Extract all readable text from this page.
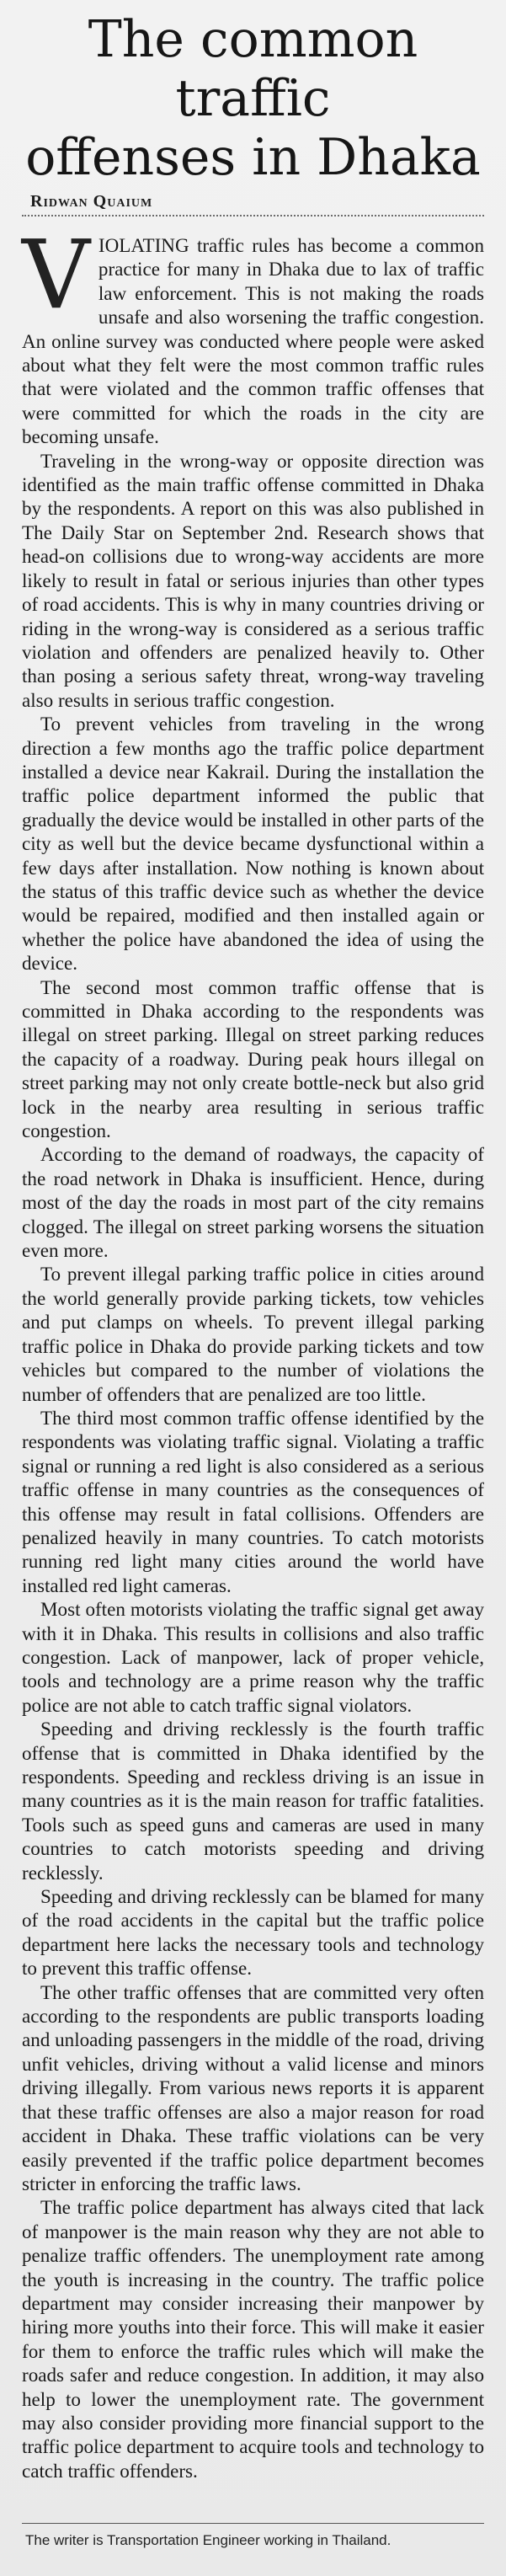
The common traffic
offenses in Dhaka
Ridwan Quaium

VIOLATING traffic rules has become a common practice for many in Dhaka due to lax of traffic law enforcement. This is not making the roads unsafe and also worsening the traffic congestion. An online survey was conducted where people were asked about what they felt were the most common traffic rules that were violated and the common traffic offenses that were committed for which the roads in the city are becoming unsafe.

Traveling in the wrong-way or opposite direction was identified as the main traffic offense committed in Dhaka by the respondents. A report on this was also published in The Daily Star on September 2nd. Research shows that head-on collisions due to wrong-way accidents are more likely to result in fatal or serious injuries than other types of road accidents. This is why in many countries driving or riding in the wrong-way is considered as a serious traffic violation and offenders are penalized heavily to. Other than posing a serious safety threat, wrong-way traveling also results in serious traffic congestion.

To prevent vehicles from traveling in the wrong direction a few months ago the traffic police department installed a device near Kakrail. During the installation the traffic police department informed the public that gradually the device would be installed in other parts of the city as well but the device became dysfunctional within a few days after installation. Now nothing is known about the status of this traffic device such as whether the device would be repaired, modified and then installed again or whether the police have abandoned the idea of using the device.

The second most common traffic offense that is committed in Dhaka according to the respondents was illegal on street parking. Illegal on street parking reduces the capacity of a roadway. During peak hours illegal on street parking may not only create bottle-neck but also grid lock in the nearby area resulting in serious traffic congestion.

According to the demand of roadways, the capacity of the road network in Dhaka is insufficient. Hence, during most of the day the roads in most part of the city remains clogged. The illegal on street parking worsens the situation even more.

To prevent illegal parking traffic police in cities around the world generally provide parking tickets, tow vehicles and put clamps on wheels. To prevent illegal parking traffic police in Dhaka do provide parking tickets and tow vehicles but compared to the number of violations the number of offenders that are penalized are too little.

The third most common traffic offense identified by the respondents was violating traffic signal. Violating a traffic signal or running a red light is also considered as a serious traffic offense in many countries as the consequences of this offense may result in fatal collisions. Offenders are penalized heavily in many countries. To catch motorists running red light many cities around the world have installed red light cameras.

Most often motorists violating the traffic signal get away with it in Dhaka. This results in collisions and also traffic congestion. Lack of manpower, lack of proper vehicle, tools and technology are a prime reason why the traffic police are not able to catch traffic signal violators.

Speeding and driving recklessly is the fourth traffic offense that is committed in Dhaka identified by the respondents. Speeding and reckless driving is an issue in many countries as it is the main reason for traffic fatalities. Tools such as speed guns and cameras are used in many countries to catch motorists speeding and driving recklessly.

Speeding and driving recklessly can be blamed for many of the road accidents in the capital but the traffic police department here lacks the necessary tools and technology to prevent this traffic offense.

The other traffic offenses that are committed very often according to the respondents are public transports loading and unloading passengers in the middle of the road, driving unfit vehicles, driving without a valid license and minors driving illegally. From various news reports it is apparent that these traffic offenses are also a major reason for road accident in Dhaka. These traffic violations can be very easily prevented if the traffic police department becomes stricter in enforcing the traffic laws.

The traffic police department has always cited that lack of manpower is the main reason why they are not able to penalize traffic offenders. The unemployment rate among the youth is increasing in the country. The traffic police department may consider increasing their manpower by hiring more youths into their force. This will make it easier for them to enforce the traffic rules which will make the roads safer and reduce congestion. In addition, it may also help to lower the unemployment rate. The government may also consider providing more financial support to the traffic police department to acquire tools and technology to catch traffic offenders.

The writer is Transportation Engineer working in Thailand.
